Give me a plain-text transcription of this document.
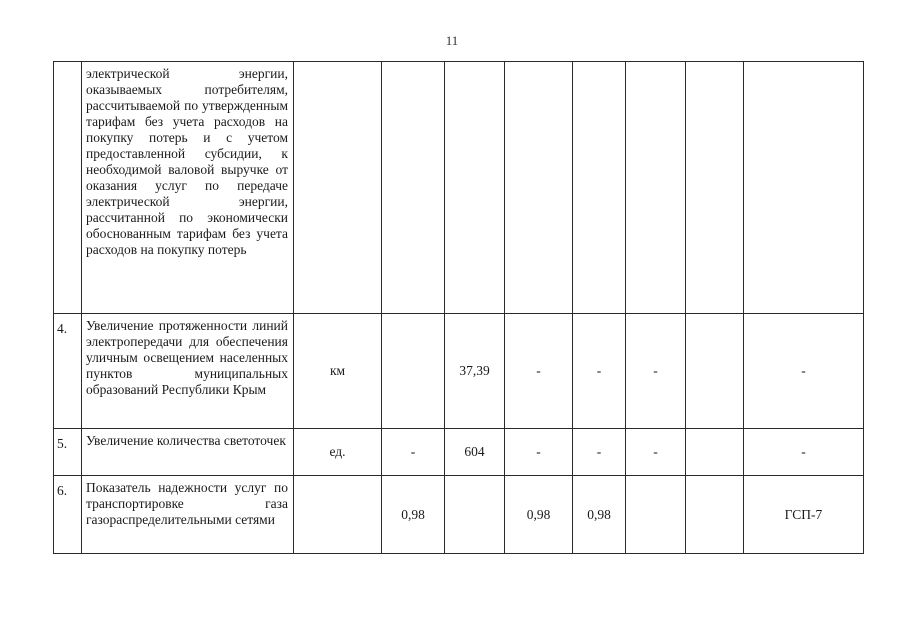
11

	электрической энергии, оказываемых потребителям, рассчитываемой по утвержденным тарифам без учета расходов на покупку потерь и с учетом предоставленной субсидии, к необходимой валовой выручке от оказания услуг по передаче электрической энергии, рассчитанной по экономически обоснованным тарифам без учета расходов на покупку потерь								

4.	Увеличение протяженности линий электропередачи для обеспечения уличным освещением населенных пунктов муниципальных образований Республики Крым	км		37,39	-	-	-		-
5.	Увеличение количества светоточек	ед.	-	604	-	-	-		-
6.	Показатель надежности услуг по транспортировке газа газораспределительными сетями		0,98		0,98	0,98			ГСП-7
